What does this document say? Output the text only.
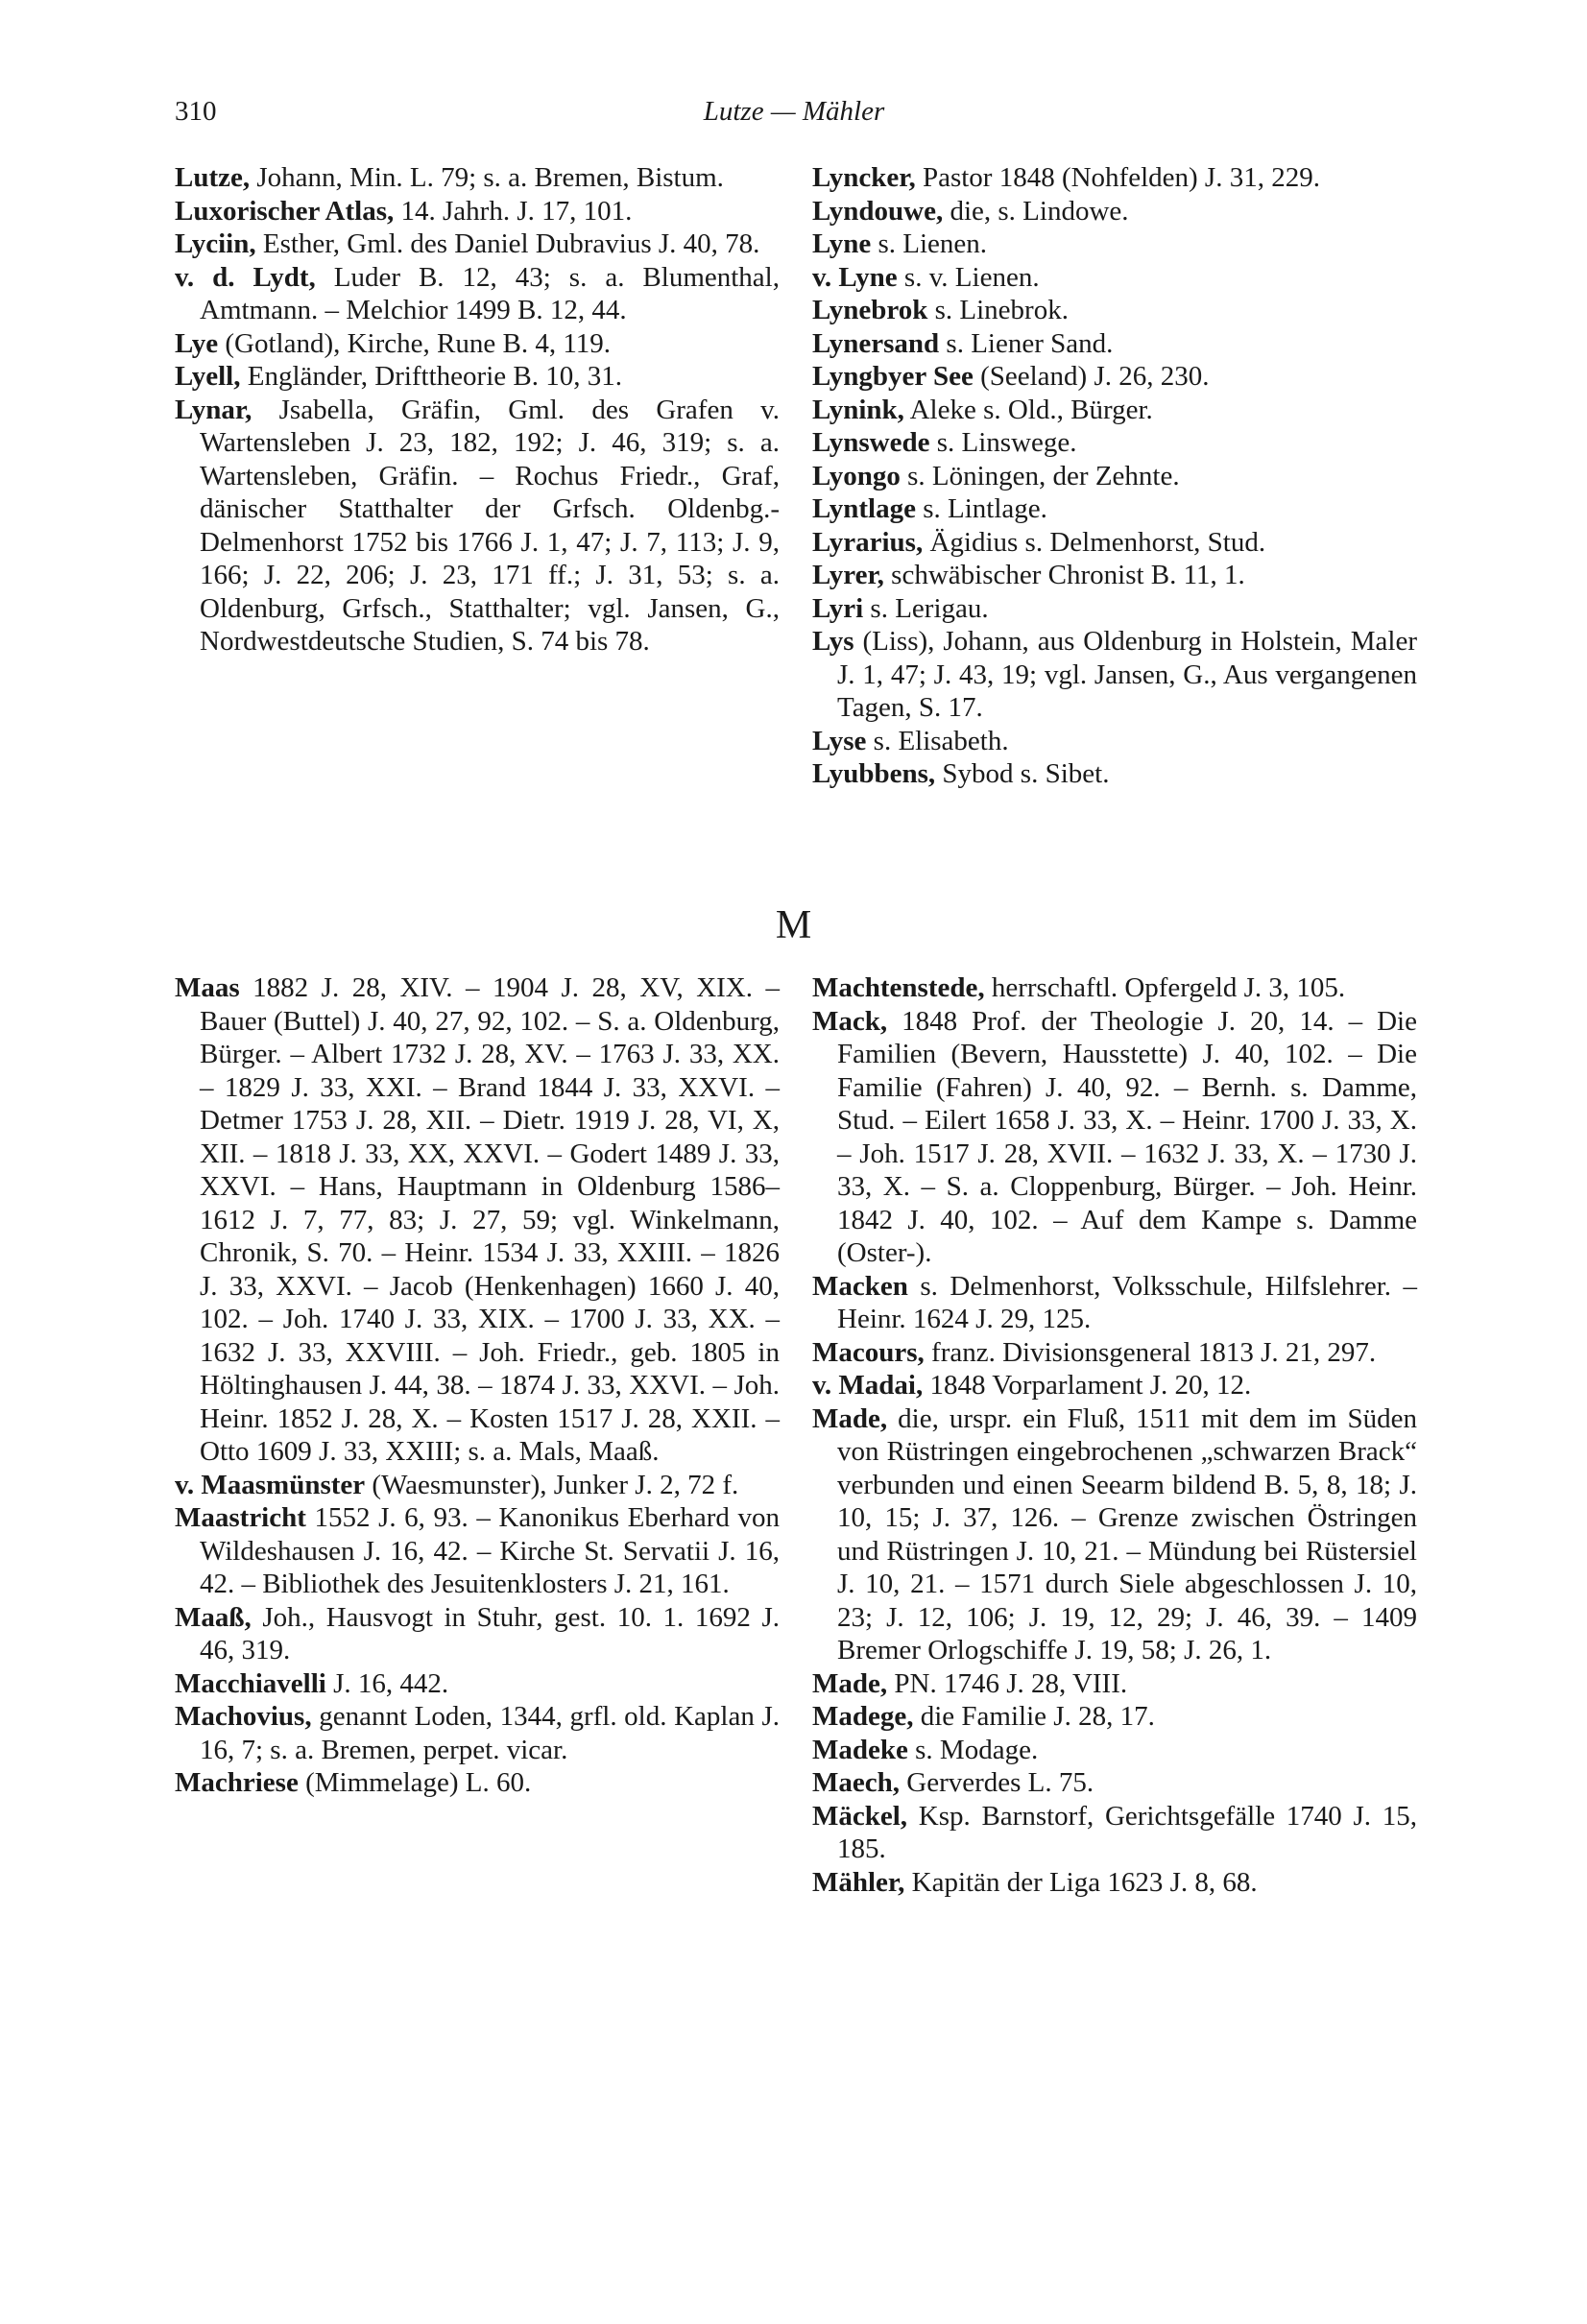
310	Lutze — Mähler

Lutze, Johann, Min. L. 79; s. a. Bremen, Bistum.

Luxorischer Atlas, 14. Jahrh. J. 17, 101.

Lyciin, Esther, Gml. des Daniel Dubravius J. 40, 78.

v. d. Lydt, Luder B. 12, 43; s. a. Blumenthal, Amtmann. – Melchior 1499 B. 12, 44.

Lye (Gotland), Kirche, Rune B. 4, 119.

Lyell, Engländer, Drifttheorie B. 10, 31.

Lynar, Jsabella, Gräfin, Gml. des Grafen v. Wartensleben J. 23, 182, 192; J. 46, 319; s. a. Wartensleben, Gräfin. – Rochus Friedr., Graf, dänischer Statthalter der Grfsch. Oldenbg.-Delmenhorst 1752 bis 1766 J. 1, 47; J. 7, 113; J. 9, 166; J. 22, 206; J. 23, 171 ff.; J. 31, 53; s. a. Oldenburg, Grfsch., Statthalter; vgl. Jansen, G., Nordwestdeutsche Studien, S. 74 bis 78.

Lyncker, Pastor 1848 (Nohfelden) J. 31, 229.

Lyndouwe, die, s. Lindowe.

Lyne s. Lienen.

v. Lyne s. v. Lienen.

Lynebrok s. Linebrok.

Lynersand s. Liener Sand.

Lyngbyer See (Seeland) J. 26, 230.

Lynink, Aleke s. Old., Bürger.

Lynswede s. Linswege.

Lyongo s. Löningen, der Zehnte.

Lyntlage s. Lintlage.

Lyrarius, Ägidius s. Delmenhorst, Stud.

Lyrer, schwäbischer Chronist B. 11, 1.

Lyri s. Lerigau.

Lys (Liss), Johann, aus Oldenburg in Holstein, Maler J. 1, 47; J. 43, 19; vgl. Jansen, G., Aus vergangenen Tagen, S. 17.

Lyse s. Elisabeth.

Lyubbens, Sybod s. Sibet.

M

Maas 1882 J. 28, XIV. – 1904 J. 28, XV, XIX. – Bauer (Buttel) J. 40, 27, 92, 102. – S. a. Oldenburg, Bürger. – Albert 1732 J. 28, XV. – 1763 J. 33, XX. – 1829 J. 33, XXI. – Brand 1844 J. 33, XXVI. – Detmer 1753 J. 28, XII. – Dietr. 1919 J. 28, VI, X, XII. – 1818 J. 33, XX, XXVI. – Godert 1489 J. 33, XXVI. – Hans, Hauptmann in Oldenburg 1586–1612 J. 7, 77, 83; J. 27, 59; vgl. Winkelmann, Chronik, S. 70. – Heinr. 1534 J. 33, XXIII. – 1826 J. 33, XXVI. – Jacob (Henkenhagen) 1660 J. 40, 102. – Joh. 1740 J. 33, XIX. – 1700 J. 33, XX. – 1632 J. 33, XXVIII. – Joh. Friedr., geb. 1805 in Höltinghausen J. 44, 38. – 1874 J. 33, XXVI. – Joh. Heinr. 1852 J. 28, X. – Kosten 1517 J. 28, XXII. – Otto 1609 J. 33, XXIII; s. a. Mals, Maaß.

v. Maasmünster (Waesmunster), Junker J. 2, 72 f.

Maastricht 1552 J. 6, 93. – Kanonikus Eberhard von Wildeshausen J. 16, 42. – Kirche St. Servatii J. 16, 42. – Bibliothek des Jesuitenklosters J. 21, 161.

Maaß, Joh., Hausvogt in Stuhr, gest. 10. 1. 1692 J. 46, 319.

Macchiavelli J. 16, 442.

Machovius, genannt Loden, 1344, grfl. old. Kaplan J. 16, 7; s. a. Bremen, perpet. vicar.

Machriese (Mimmelage) L. 60.

Machtenstede, herrschaftl. Opfergeld J. 3, 105.

Mack, 1848 Prof. der Theologie J. 20, 14. – Die Familien (Bevern, Hausstette) J. 40, 102. – Die Familie (Fahren) J. 40, 92. – Bernh. s. Damme, Stud. – Eilert 1658 J. 33, X. – Heinr. 1700 J. 33, X. – Joh. 1517 J. 28, XVII. – 1632 J. 33, X. – 1730 J. 33, X. – S. a. Cloppenburg, Bürger. – Joh. Heinr. 1842 J. 40, 102. – Auf dem Kampe s. Damme (Oster-).

Macken s. Delmenhorst, Volksschule, Hilfslehrer. – Heinr. 1624 J. 29, 125.

Macours, franz. Divisionsgeneral 1813 J. 21, 297.

v. Madai, 1848 Vorparlament J. 20, 12.

Made, die, urspr. ein Fluß, 1511 mit dem im Süden von Rüstringen eingebrochenen „schwarzen Brack“ verbunden und einen Seearm bildend B. 5, 8, 18; J. 10, 15; J. 37, 126. – Grenze zwischen Östringen und Rüstringen J. 10, 21. – Mündung bei Rüstersiel J. 10, 21. – 1571 durch Siele abgeschlossen J. 10, 23; J. 12, 106; J. 19, 12, 29; J. 46, 39. – 1409 Bremer Orlogschiffe J. 19, 58; J. 26, 1.

Made, PN. 1746 J. 28, VIII.

Madege, die Familie J. 28, 17.

Madeke s. Modage.

Maech, Gerverdes L. 75.

Mäckel, Ksp. Barnstorf, Gerichtsgefälle 1740 J. 15, 185.

Mähler, Kapitän der Liga 1623 J. 8, 68.
